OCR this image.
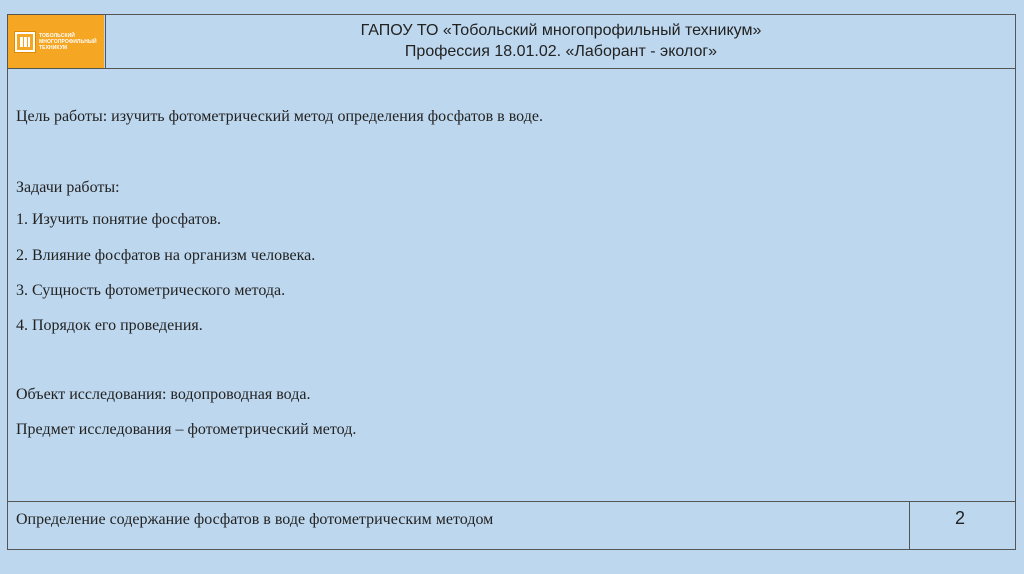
ТОБОЛЬСКИЙ МНОГОПРОФИЛЬНЫЙ ТЕХНИКУМ
ГАПОУ ТО «Тобольский многопрофильный техникум»
Профессия 18.01.02. «Лаборант - эколог»

Цель работы: изучить фотометрический метод определения фосфатов в воде.

Задачи работы:

1. Изучить понятие фосфатов.

2. Влияние фосфатов на организм человека.

3. Сущность фотометрического метода.

4. Порядок его проведения.

Объект исследования: водопроводная вода.

Предмет исследования – фотометрический метод.

Определение содержание фосфатов в воде фотометрическим методом	2
